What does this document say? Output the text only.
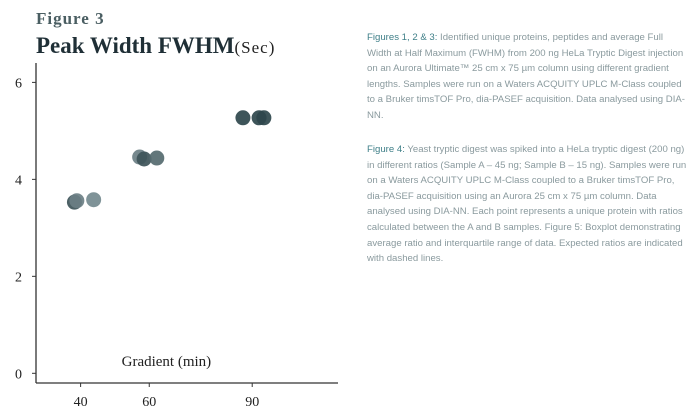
Figure 3
Peak Width FWHM(Sec)
0
2
4
6
40	60	90
Gradient (min)
Figures 1, 2 & 3: Identified unique proteins, peptides and average Full Width at Half Maximum (FWHM) from 200 ng HeLa Tryptic Digest injection on an Aurora Ultimate™ 25 cm x 75 µm column using different gradient lengths. Samples were run on a Waters ACQUITY UPLC M-Class coupled to a Bruker timsTOF Pro, dia-PASEF acquisition. Data analysed using DIA-NN.
Figure 4: Yeast tryptic digest was spiked into a HeLa tryptic digest (200 ng) in different ratios (Sample A – 45 ng; Sample B – 15 ng). Samples were run on a Waters ACQUITY UPLC M-Class coupled to a Bruker timsTOF Pro, dia-PASEF acquisition using an Aurora 25 cm x 75 µm column. Data analysed using DIA-NN. Each point represents a unique protein with ratios calculated between the A and B samples. Figure 5: Boxplot demonstrating average ratio and interquartile range of data. Expected ratios are indicated with dashed lines.
